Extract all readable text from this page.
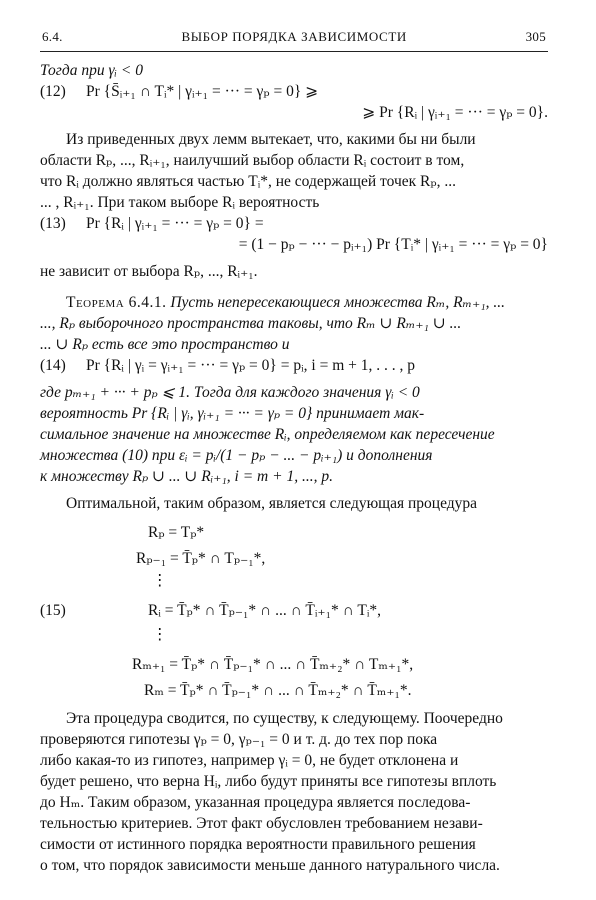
6.4.	ВЫБОР ПОРЯДКА ЗАВИСИМОСТИ	305
Тогда при γᵢ < 0
(12)	Pr {S̄ᵢ₊₁ ∩ Tᵢ* | γᵢ₊₁ = ··· = γₚ = 0} ⩾
⩾ Pr {Rᵢ | γᵢ₊₁ = ··· = γₚ = 0}.
Из приведенных двух лемм вытекает, что, какими бы ни были
области Rₚ, ..., Rᵢ₊₁, наилучший выбор области Rᵢ состоит в том,
что Rᵢ должно являться частью Tᵢ*, не содержащей точек Rₚ, ...
... , Rᵢ₊₁. При таком выборе Rᵢ вероятность
(13)	Pr {Rᵢ | γᵢ₊₁ = ··· = γₚ = 0} =
= (1 − pₚ − ··· − pᵢ₊₁) Pr {Tᵢ* | γᵢ₊₁ = ··· = γₚ = 0}
не зависит от выбора Rₚ, ..., Rᵢ₊₁.
Теорема 6.4.1. Пусть непересекающиеся множества Rₘ, Rₘ₊₁, ...
..., Rₚ выборочного пространства таковы, что Rₘ ∪ Rₘ₊₁ ∪ ...
... ∪ Rₚ есть все это пространство и
(14)	Pr {Rᵢ | γᵢ = γᵢ₊₁ = ··· = γₚ = 0} = pᵢ, i = m + 1, . . . , p
где pₘ₊₁ + ··· + pₚ ⩽ 1. Тогда для каждого значения γᵢ < 0
вероятность Pr {Rᵢ | γᵢ, γᵢ₊₁ = ··· = γₚ = 0} принимает мак-
симальное значение на множестве Rᵢ, определяемом как пересечение
множества (10) при εᵢ = pᵢ/(1 − pₚ − ... − pᵢ₊₁) и дополнения
к множеству Rₚ ∪ ... ∪ Rᵢ₊₁, i = m + 1, ..., p.
Оптимальной, таким образом, является следующая процедура
Rₚ = Tₚ*
Rₚ₋₁ = T̄ₚ* ∩ Tₚ₋₁*,
⋮
(15)	Rᵢ = T̄ₚ* ∩ T̄ₚ₋₁* ∩ ... ∩ T̄ᵢ₊₁* ∩ Tᵢ*,
⋮
Rₘ₊₁ = T̄ₚ* ∩ T̄ₚ₋₁* ∩ ... ∩ T̄ₘ₊₂* ∩ Tₘ₊₁*,
Rₘ = T̄ₚ* ∩ T̄ₚ₋₁* ∩ ... ∩ T̄ₘ₊₂* ∩ T̄ₘ₊₁*.
Эта процедура сводится, по существу, к следующему. Поочередно
проверяются гипотезы γₚ = 0, γₚ₋₁ = 0 и т. д. до тех пор пока
либо какая-то из гипотез, например γᵢ = 0, не будет отклонена и
будет решено, что верна Hᵢ, либо будут приняты все гипотезы вплоть
до Hₘ. Таким образом, указанная процедура является последова-
тельностью критериев. Этот факт обусловлен требованием незави-
симости от истинного порядка вероятности правильного решения
о том, что порядок зависимости меньше данного натурального числа.
